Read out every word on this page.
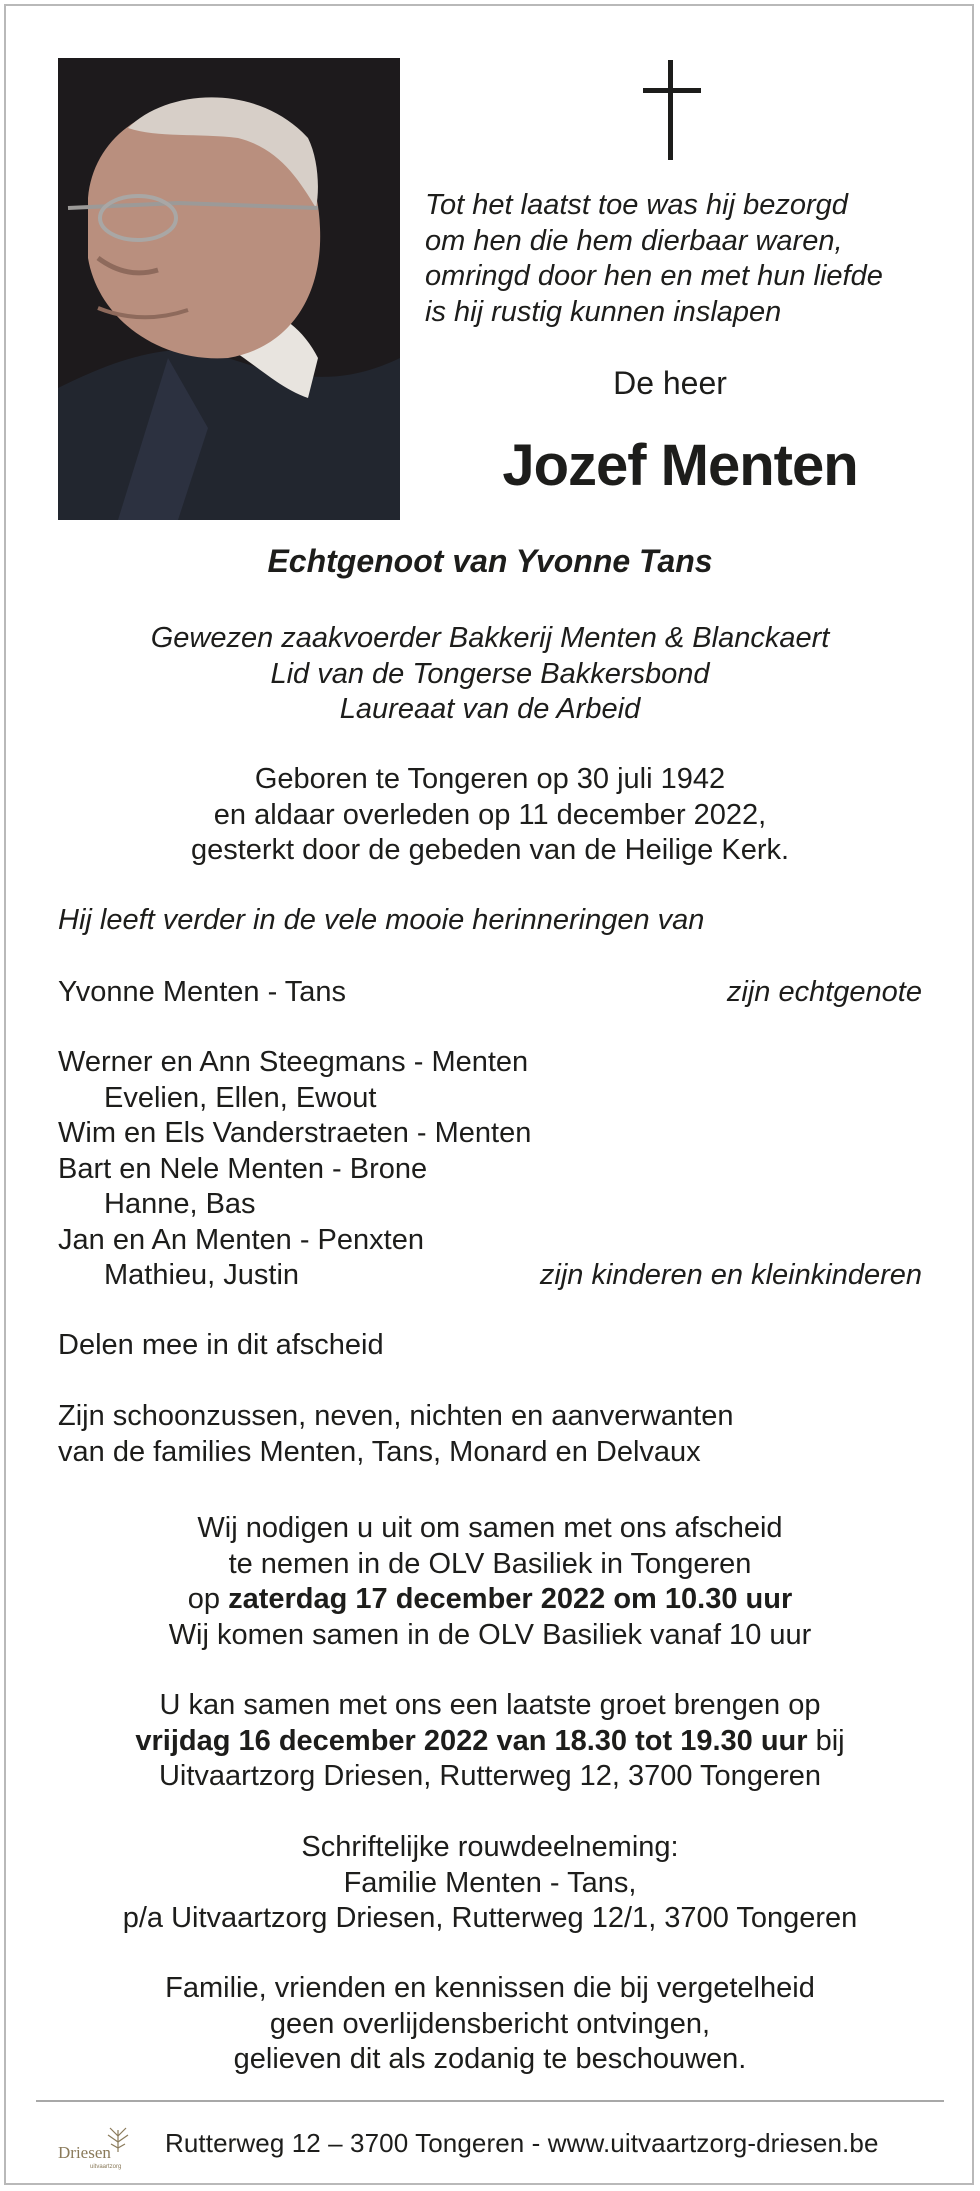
Tot het laatst toe was hij bezorgd
om hen die hem dierbaar waren,
omringd door hen en met hun liefde
is hij rustig kunnen inslapen
De heer
Jozef Menten
Echtgenoot van Yvonne Tans
Gewezen zaakvoerder Bakkerij Menten & Blanckaert
Lid van de Tongerse Bakkersbond
Laureaat van de Arbeid
Geboren te Tongeren op 30 juli 1942
en aldaar overleden op 11 december 2022,
gesterkt door de gebeden van de Heilige Kerk.
Hij leeft verder in de vele mooie herinneringen van
Yvonne Menten - Tans	zijn echtgenote
Werner en Ann Steegmans - Menten
Evelien, Ellen, Ewout
Wim en Els Vanderstraeten - Menten
Bart en Nele Menten - Brone
Hanne, Bas
Jan en An Menten - Penxten
Mathieu, Justin	zijn kinderen en kleinkinderen
Delen mee in dit afscheid
Zijn schoonzussen, neven, nichten en aanverwanten
van de families Menten, Tans, Monard en Delvaux
Wij nodigen u uit om samen met ons afscheid
te nemen in de OLV Basiliek in Tongeren
op zaterdag 17 december 2022 om 10.30 uur
Wij komen samen in de OLV Basiliek vanaf 10 uur
U kan samen met ons een laatste groet brengen op
vrijdag 16 december 2022 van 18.30 tot 19.30 uur bij
Uitvaartzorg Driesen, Rutterweg 12, 3700 Tongeren
Schriftelijke rouwdeelneming:
Familie Menten - Tans,
p/a Uitvaartzorg Driesen, Rutterweg 12/1, 3700 Tongeren
Familie, vrienden en kennissen die bij vergetelheid
geen overlijdensbericht ontvingen,
gelieven dit als zodanig te beschouwen.
Driesen
uitvaartzorg
Rutterweg 12 – 3700 Tongeren - www.uitvaartzorg-driesen.be
